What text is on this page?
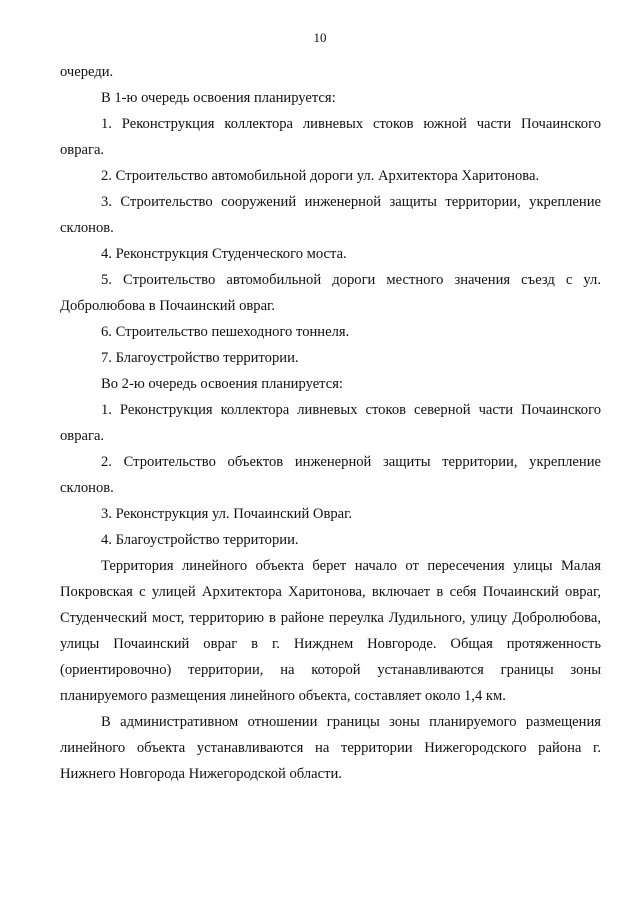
10

очереди.

В 1-ю очередь освоения планируется:

1. Реконструкция коллектора ливневых стоков южной части Почаинского оврага.

2. Строительство автомобильной дороги ул. Архитектора Харитонова.

3. Строительство сооружений инженерной защиты территории, укрепление склонов.

4. Реконструкция Студенческого моста.

5. Строительство автомобильной дороги местного значения съезд с ул. Добролюбова в Почаинский овраг.

6. Строительство пешеходного тоннеля.

7. Благоустройство территории.

Во 2-ю очередь освоения планируется:

1. Реконструкция коллектора ливневых стоков северной части Почаинского оврага.

2. Строительство объектов инженерной защиты территории, укрепление склонов.

3. Реконструкция ул. Почаинский Овраг.

4. Благоустройство территории.

Территория линейного объекта берет начало от пересечения улицы Малая Покровская с улицей Архитектора Харитонова, включает в себя Почаинский овраг, Студенческий мост, территорию в районе переулка Лудильного, улицу Добролюбова, улицы Почаинский овраг в г. Нижднем Новгороде. Общая протяженность (ориентировочно) территории, на которой устанавливаются границы зоны планируемого размещения линейного объекта, составляет около 1,4 км.

В административном отношении границы зоны планируемого размещения линейного объекта устанавливаются на территории Нижегородского района г. Нижнего Новгорода Нижегородской области.
